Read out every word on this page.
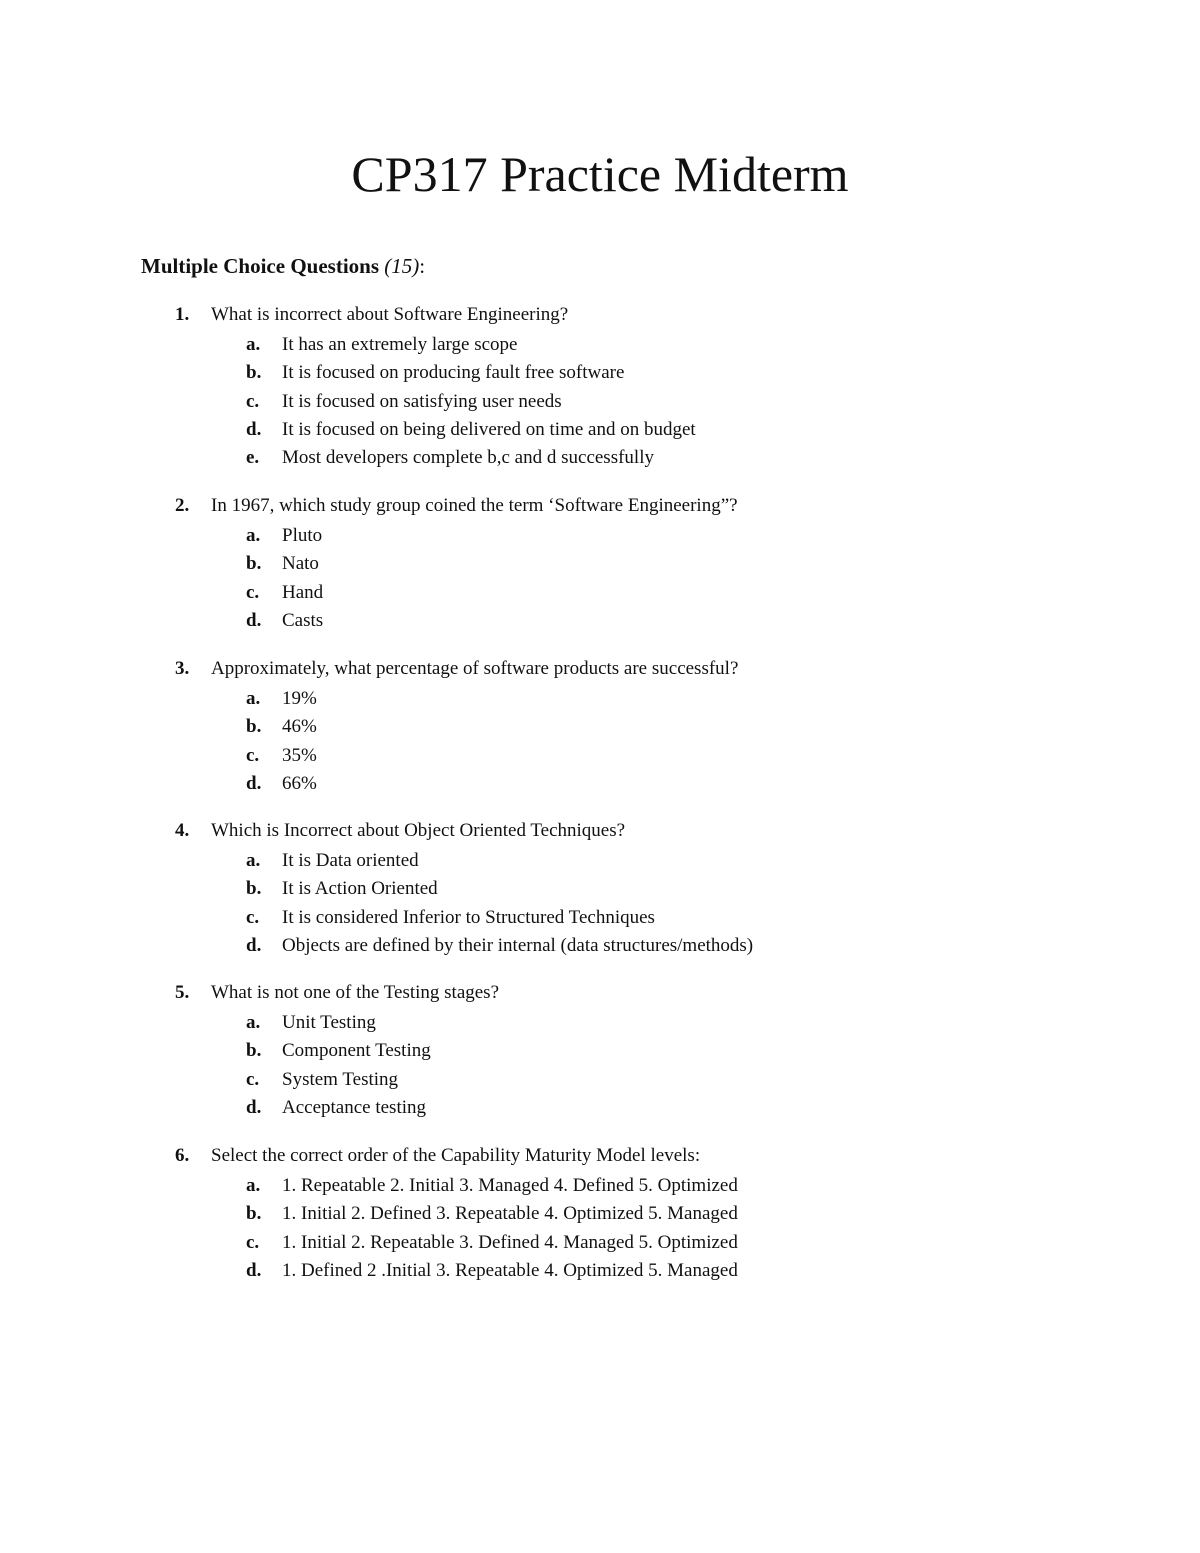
CP317 Practice Midterm
Multiple Choice Questions (15):
1. What is incorrect about Software Engineering?
a. It has an extremely large scope
b. It is focused on producing fault free software
c. It is focused on satisfying user needs
d. It is focused on being delivered on time and on budget
e. Most developers complete b,c and d successfully
2. In 1967, which study group coined the term ‘Software Engineering”?
a. Pluto
b. Nato
c. Hand
d. Casts
3. Approximately, what percentage of software products are successful?
a. 19%
b. 46%
c. 35%
d. 66%
4. Which is Incorrect about Object Oriented Techniques?
a. It is Data oriented
b. It is Action Oriented
c. It is considered Inferior to Structured Techniques
d. Objects are defined by their internal (data structures/methods)
5. What is not one of the Testing stages?
a. Unit Testing
b. Component Testing
c. System Testing
d. Acceptance testing
6. Select the correct order of the Capability Maturity Model levels:
a. 1. Repeatable 2. Initial 3. Managed 4. Defined 5. Optimized
b. 1. Initial 2. Defined 3. Repeatable 4. Optimized 5. Managed
c. 1. Initial 2. Repeatable 3. Defined 4. Managed 5. Optimized
d. 1. Defined 2 .Initial 3. Repeatable 4. Optimized 5. Managed
